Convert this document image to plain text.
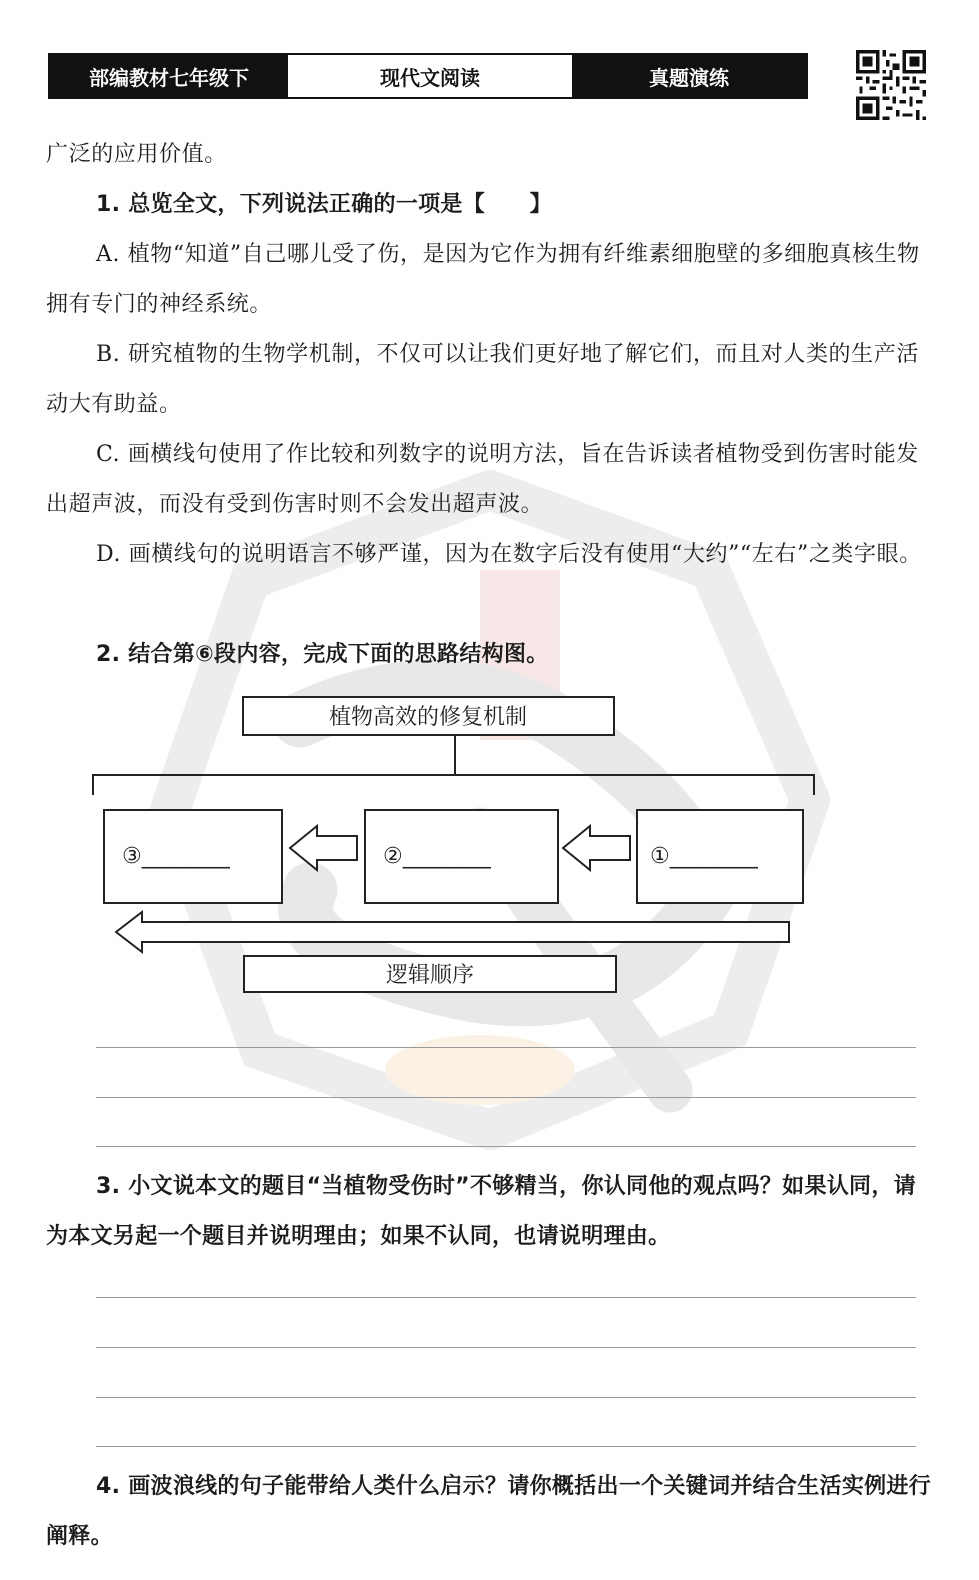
部编教材七年级下	现代文阅读	真题演练
广泛的应用价值。
1. 总览全文，下列说法正确的一项是【　　】
A. 植物“知道”自己哪儿受了伤，是因为它作为拥有纤维素细胞壁的多细胞真核生物拥有专门的神经系统。
B. 研究植物的生物学机制，不仅可以让我们更好地了解它们，而且对人类的生产活动大有助益。
C. 画横线句使用了作比较和列数字的说明方法，旨在告诉读者植物受到伤害时能发出超声波，而没有受到伤害时则不会发出超声波。
D. 画横线句的说明语言不够严谨，因为在数字后没有使用“大约”“左右”之类字眼。
2. 结合第⑥段内容，完成下面的思路结构图。
植物高效的修复机制
③________	②________	①________
逻辑顺序
3. 小文说本文的题目“当植物受伤时”不够精当，你认同他的观点吗？如果认同，请为本文另起一个题目并说明理由；如果不认同，也请说明理由。
4. 画波浪线的句子能带给人类什么启示？请你概括出一个关键词并结合生活实例进行阐释。
